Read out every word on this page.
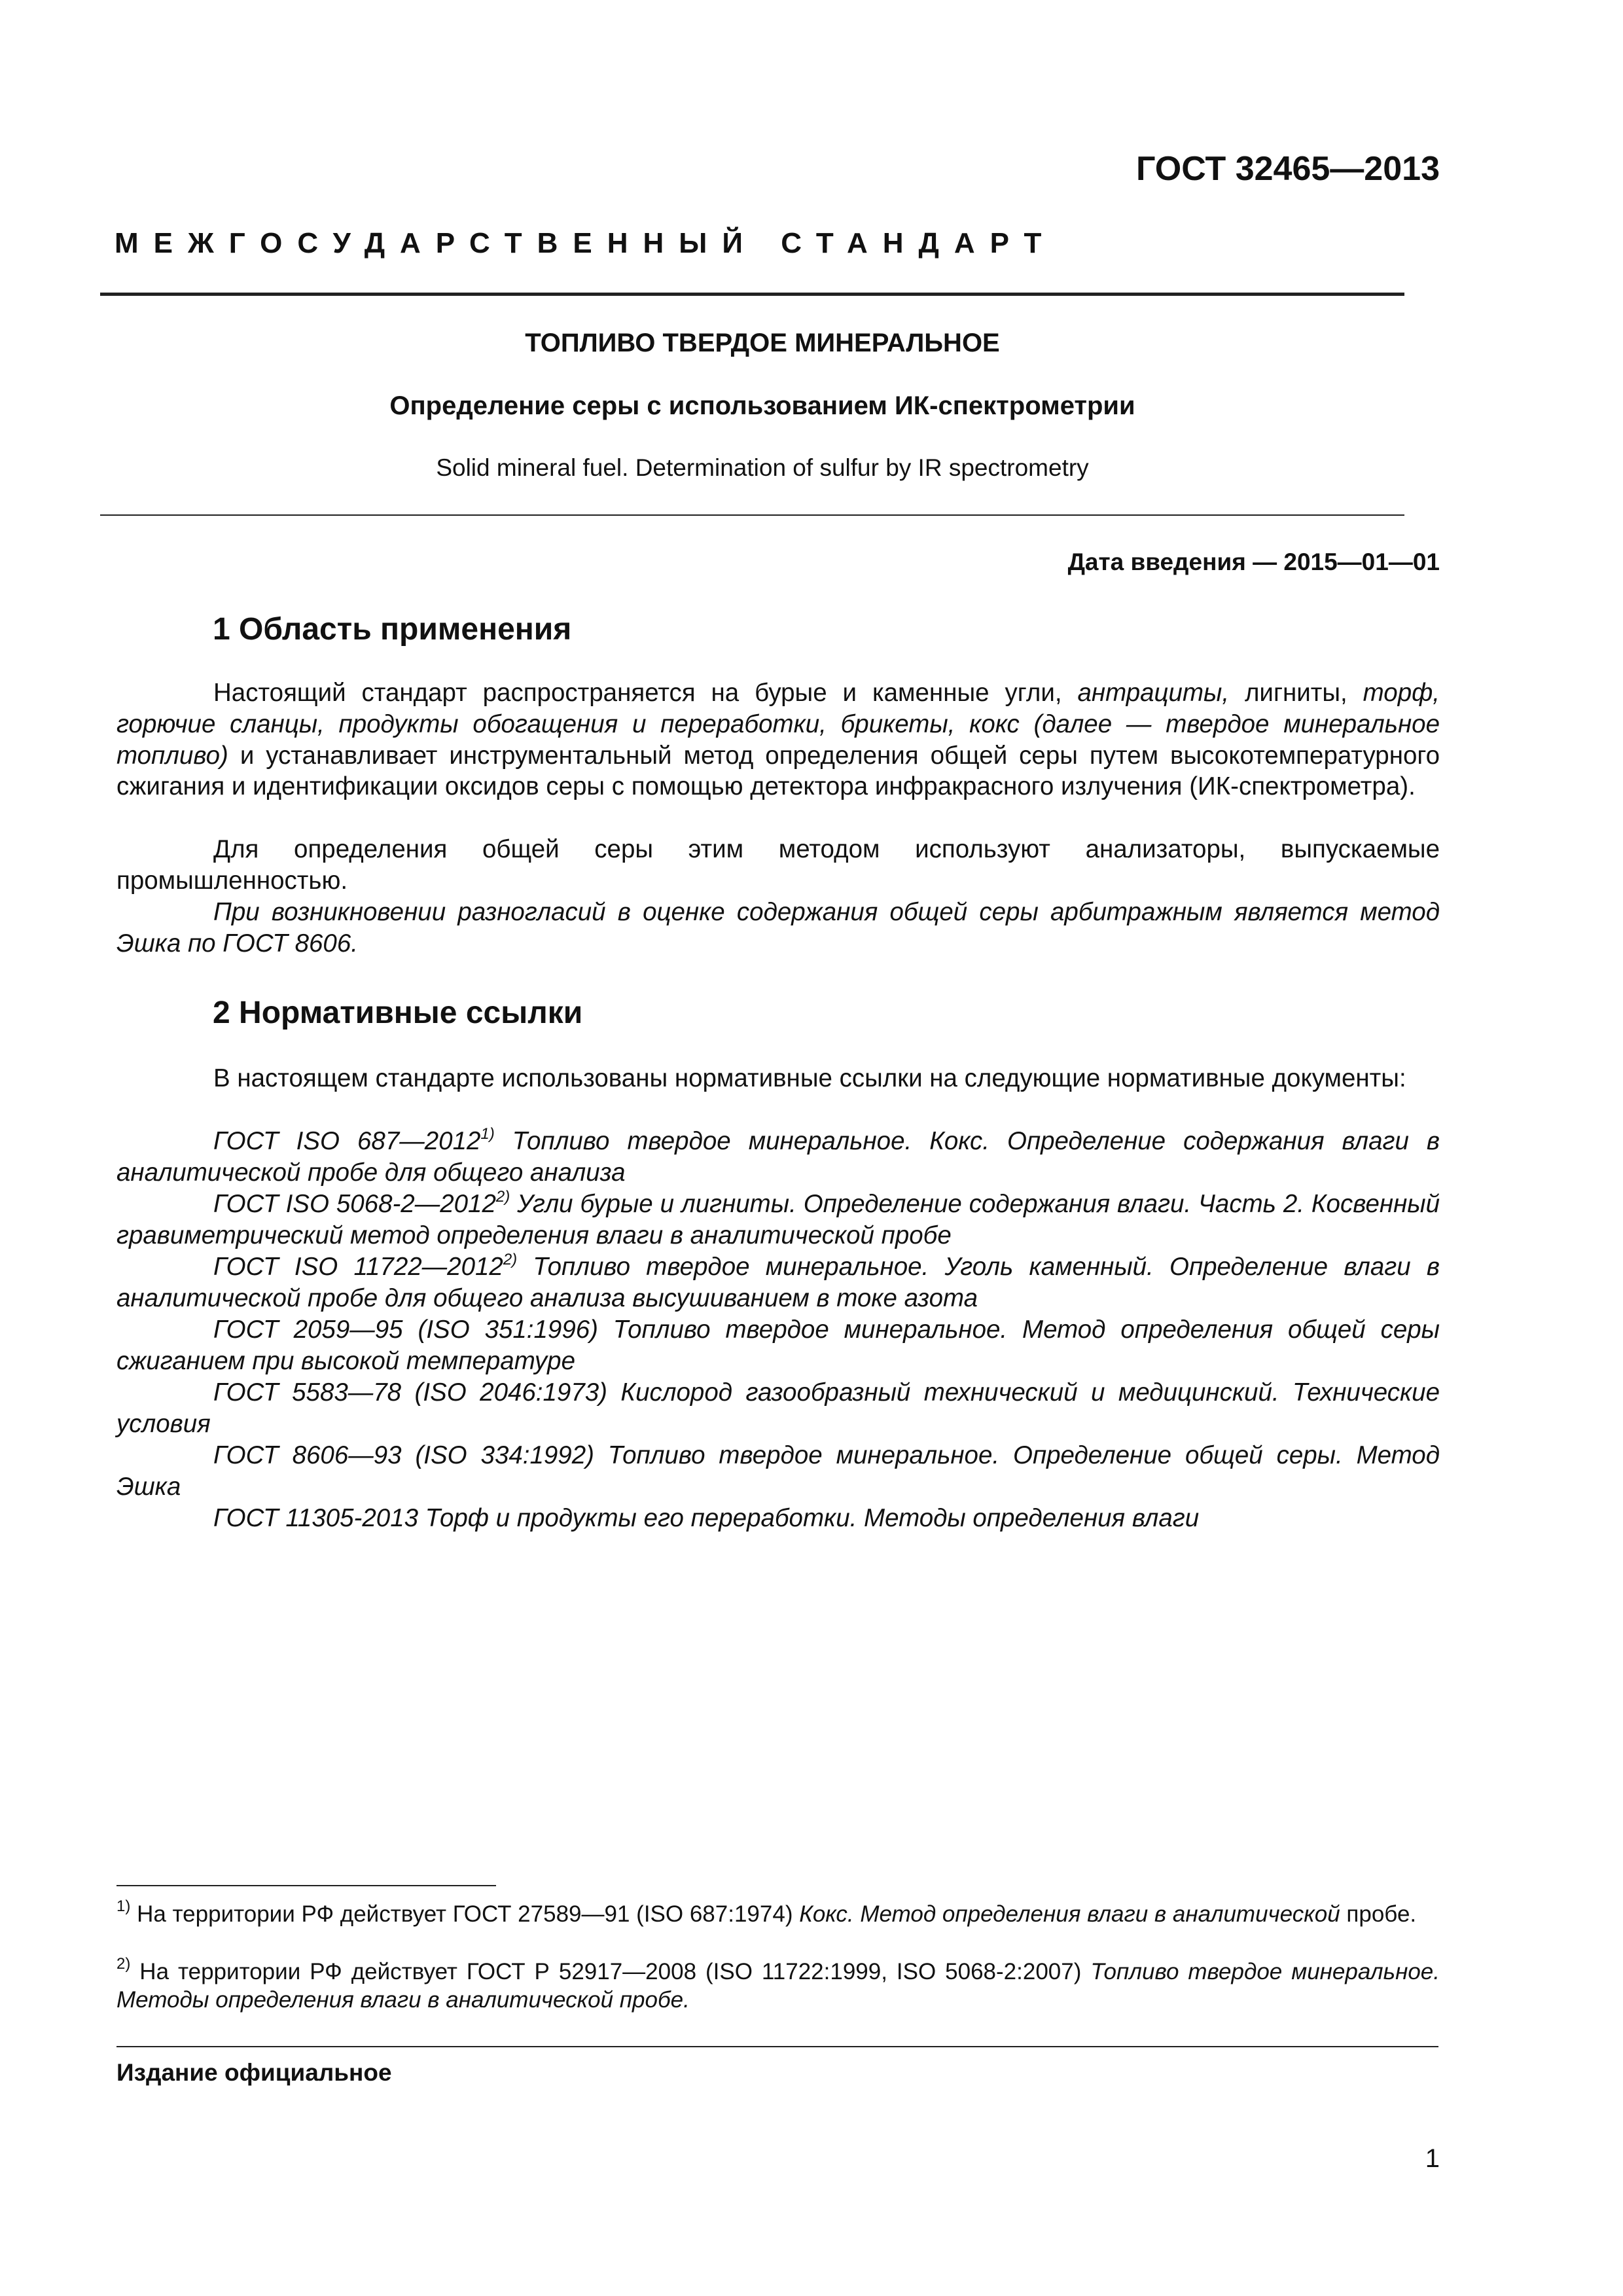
ГОСТ 32465—2013
МЕЖГОСУДАРСТВЕННЫЙ СТАНДАРТ
ТОПЛИВО ТВЕРДОЕ МИНЕРАЛЬНОЕ
Определение серы с использованием ИК-спектрометрии
Solid mineral fuel. Determination of sulfur by IR spectrometry
Дата введения — 2015—01—01
1 Область применения
Настоящий стандарт распространяется на бурые и каменные угли, антрациты, лигниты, торф, горючие сланцы, продукты обогащения и переработки, брикеты, кокс (далее — твердое минеральное топливо) и устанавливает инструментальный метод определения общей серы путем высокотемпературного сжигания и идентификации оксидов серы с помощью детектора инфракрасного излучения (ИК-спектрометра).
Для определения общей серы этим методом используют анализаторы, выпускаемые промышленностью.
При возникновении разногласий в оценке содержания общей серы арбитражным является метод Эшка по ГОСТ 8606.
2 Нормативные ссылки
В настоящем стандарте использованы нормативные ссылки на следующие нормативные документы:
ГОСТ ISO 687—2012$^{1)}$ Топливо твердое минеральное. Кокс. Определение содержания влаги в аналитической пробе для общего анализа
ГОСТ ISO 5068-2—2012$^{2)}$ Угли бурые и лигниты. Определение содержания влаги. Часть 2. Косвенный гравиметрический метод определения влаги в аналитической пробе
ГОСТ ISO 11722—2012$^{2)}$ Топливо твердое минеральное. Уголь каменный. Определение влаги в аналитической пробе для общего анализа высушиванием в токе азота
ГОСТ 2059—95 (ISO 351:1996) Топливо твердое минеральное. Метод определения общей серы сжиганием при высокой температуре
ГОСТ 5583—78 (ISO 2046:1973) Кислород газообразный технический и медицинский. Технические условия
ГОСТ 8606—93 (ISO 334:1992) Топливо твердое минеральное. Определение общей серы. Метод Эшка
ГОСТ 11305-2013 Торф и продукты его переработки. Методы определения влаги
$^{1)}$ На территории РФ действует ГОСТ 27589—91 (ISO 687:1974) Кокс. Метод определения влаги в аналитической пробе.
$^{2)}$ На территории РФ действует ГОСТ Р 52917—2008 (ISO 11722:1999, ISO 5068-2:2007) Топливо твердое минеральное. Методы определения влаги в аналитической пробе.
Издание официальное
1
